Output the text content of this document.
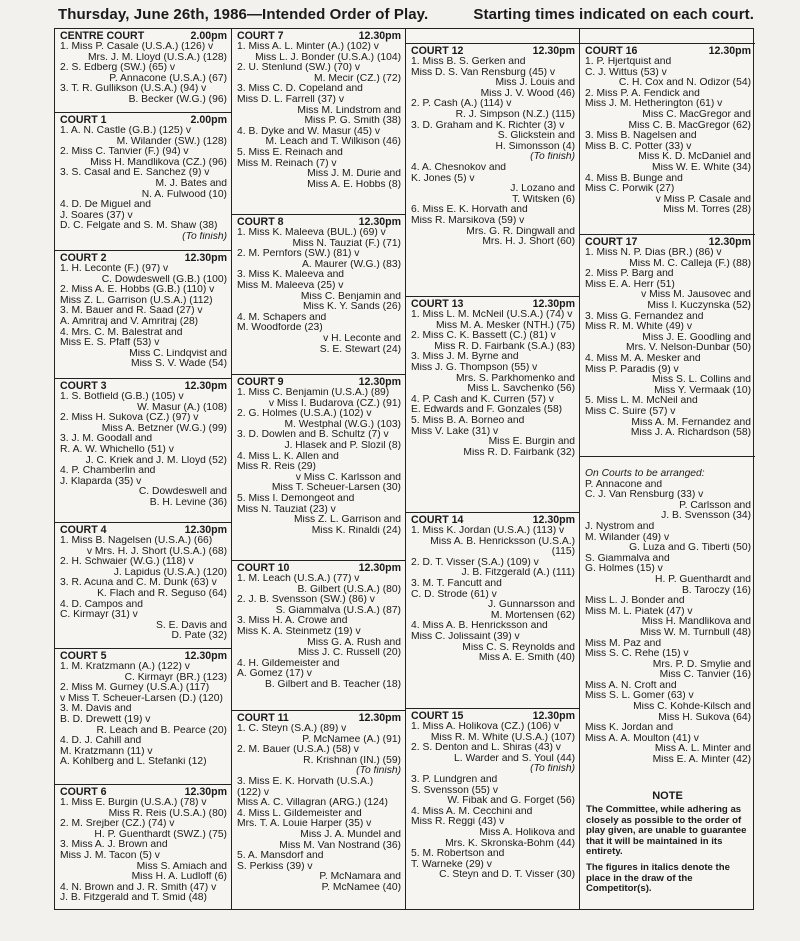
Thursday, June 26th, 1986—Intended Order of Play.	Starting times indicated on each court.
CENTRE COURT	2.00pm
1. Miss P. Casale (U.S.A.) (126) v
Mrs. J. M. Lloyd (U.S.A.) (128)
2. S. Edberg (SW.) (65) v
P. Annacone (U.S.A.) (67)
3. T. R. Gullikson (U.S.A.) (94) v
B. Becker (W.G.) (96)
COURT 1	2.00pm
1. A. N. Castle (G.B.) (125) v
M. Wilander (SW.) (128)
2. Miss C. Tanvier (F.) (94) v
Miss H. Mandlikova (CZ.) (96)
3. S. Casal and E. Sanchez (9) v
M. J. Bates and
N. A. Fulwood (10)
4. D. De Miguel and
J. Soares (37) v
D. C. Felgate and S. M. Shaw (38)
(To finish)
COURT 2	12.30pm
1. H. Leconte (F.) (97) v
C. Dowdeswell (G.B.) (100)
2. Miss A. E. Hobbs (G.B.) (110) v
Miss Z. L. Garrison (U.S.A.) (112)
3. M. Bauer and R. Saad (27) v
A. Amritraj and V. Amritraj (28)
4. Mrs. C. M. Balestrat and
Miss E. S. Pfaff (53) v
Miss C. Lindqvist and
Miss S. V. Wade (54)
COURT 3	12.30pm
1. S. Botfield (G.B.) (105) v
W. Masur (A.) (108)
2. Miss H. Sukova (CZ.) (97) v
Miss A. Betzner (W.G.) (99)
3. J. M. Goodall and
R. A. W. Whichello (51) v
J. C. Kriek and J. M. Lloyd (52)
4. P. Chamberlin and
J. Klaparda (35) v
C. Dowdeswell and
B. H. Levine (36)
COURT 4	12.30pm
1. Miss B. Nagelsen (U.S.A.) (66)
v Mrs. H. J. Short (U.S.A.) (68)
2. H. Schwaier (W.G.) (118) v
J. Lapidus (U.S.A.) (120)
3. R. Acuna and C. M. Dunk (63) v
K. Flach and R. Seguso (64)
4. D. Campos and
C. Kirmayr (31) v
S. E. Davis and
D. Pate (32)
COURT 5	12.30pm
1. M. Kratzmann (A.) (122) v
C. Kirmayr (BR.) (123)
2. Miss M. Gurney (U.S.A.) (117)
v Miss T. Scheuer-Larsen (D.) (120)
3. M. Davis and
B. D. Drewett (19) v
R. Leach and B. Pearce (20)
4. D. J. Cahill and
M. Kratzmann (11) v
A. Kohlberg and L. Stefanki (12)
COURT 6	12.30pm
1. Miss E. Burgin (U.S.A.) (78) v
Miss R. Reis (U.S.A.) (80)
2. M. Srejber (CZ.) (74) v
H. P. Guenthardt (SWZ.) (75)
3. Miss A. J. Brown and
Miss J. M. Tacon (5) v
Miss S. Amiach and
Miss H. A. Ludloff (6)
4. N. Brown and J. R. Smith (47) v
J. B. Fitzgerald and T. Smid (48)
COURT 7	12.30pm
1. Miss A. L. Minter (A.) (102) v
Miss L. J. Bonder (U.S.A.) (104)
2. U. Stenlund (SW.) (70) v
M. Mecir (CZ.) (72)
3. Miss C. D. Copeland and
Miss D. L. Farrell (37) v
Miss M. Lindstrom and
Miss P. G. Smith (38)
4. B. Dyke and W. Masur (45) v
M. Leach and T. Wilkison (46)
5. Miss E. Reinach and
Miss M. Reinach (7) v
Miss J. M. Durie and
Miss A. E. Hobbs (8)
COURT 8	12.30pm
1. Miss K. Maleeva (BUL.) (69) v
Miss N. Tauziat (F.) (71)
2. M. Pernfors (SW.) (81) v
A. Maurer (W.G.) (83)
3. Miss K. Maleeva and
Miss M. Maleeva (25) v
Miss C. Benjamin and
Miss K. Y. Sands (26)
4. M. Schapers and
M. Woodforde (23)
v H. Leconte and
S. E. Stewart (24)
COURT 9	12.30pm
1. Miss C. Benjamin (U.S.A.) (89)
v Miss I. Budarova (CZ.) (91)
2. G. Holmes (U.S.A.) (102) v
M. Westphal (W.G.) (103)
3. D. Dowlen and B. Schultz (7) v
J. Hlasek and P. Slozil (8)
4. Miss L. K. Allen and
Miss R. Reis (29)
v Miss C. Karlsson and
Miss T. Scheuer-Larsen (30)
5. Miss I. Demongeot and
Miss N. Tauziat (23) v
Miss Z. L. Garrison and
Miss K. Rinaldi (24)
COURT 10	12.30pm
1. M. Leach (U.S.A.) (77) v
B. Gilbert (U.S.A.) (80)
2. J. B. Svensson (SW.) (86) v
S. Giammalva (U.S.A.) (87)
3. Miss H. A. Crowe and
Miss K. A. Steinmetz (19) v
Miss G. A. Rush and
Miss J. C. Russell (20)
4. H. Gildemeister and
A. Gomez (17) v
B. Gilbert and B. Teacher (18)
COURT 11	12.30pm
1. C. Steyn (S.A.) (89) v
P. McNamee (A.) (91)
2. M. Bauer (U.S.A.) (58) v
R. Krishnan (IN.) (59)
(To finish)
3. Miss E. K. Horvath (U.S.A.)
(122) v
Miss A. C. Villagran (ARG.) (124)
4. Miss L. Gildemeister and
Mrs. T. A. Louie Harper (35) v
Miss J. A. Mundel and
Miss M. Van Nostrand (36)
5. A. Mansdorf and
S. Perkiss (39) v
P. McNamara and
P. McNamee (40)
COURT 12	12.30pm
1. Miss B. S. Gerken and
Miss D. S. Van Rensburg (45) v
Miss J. Louis and
Miss J. V. Wood (46)
2. P. Cash (A.) (114) v
R. J. Simpson (N.Z.) (115)
3. D. Graham and K. Richter (3) v
S. Glickstein and
H. Simonsson (4)
(To finish)
4. A. Chesnokov and
K. Jones (5) v
J. Lozano and
T. Witsken (6)
6. Miss E. K. Horvath and
Miss R. Marsikova (59) v
Mrs. G. R. Dingwall and
Mrs. H. J. Short (60)
COURT 13	12.30pm
1. Miss L. M. McNeil (U.S.A.) (74) v
Miss M. A. Mesker (NTH.) (75)
2. Miss C. K. Bassett (C.) (81) v
Miss R. D. Fairbank (S.A.) (83)
3. Miss J. M. Byrne and
Miss J. G. Thompson (55) v
Mrs. S. Parkhomenko and
Miss L. Savchenko (56)
4. P. Cash and K. Curren (57) v
E. Edwards and F. Gonzales (58)
5. Miss B. A. Borneo and
Miss V. Lake (31) v
Miss E. Burgin and
Miss R. D. Fairbank (32)
COURT 14	12.30pm
1. Miss K. Jordan (U.S.A.) (113) v
Miss A. B. Henricksson (U.S.A.)
(115)
2. D. T. Visser (S.A.) (109) v
J. B. Fitzgerald (A.) (111)
3. M. T. Fancutt and
C. D. Strode (61) v
J. Gunnarsson and
M. Mortensen (62)
4. Miss A. B. Henricksson and
Miss C. Jolissaint (39) v
Miss C. S. Reynolds and
Miss A. E. Smith (40)
COURT 15	12.30pm
1. Miss A. Holikova (CZ.) (106) v
Miss R. M. White (U.S.A.) (107)
2. S. Denton and L. Shiras (43) v
L. Warder and S. Youl (44)
(To finish)
3. P. Lundgren and
S. Svensson (55) v
W. Fibak and G. Forget (56)
4. Miss A. M. Cecchini and
Miss R. Reggi (43) v
Miss A. Holikova and
Mrs. K. Skronska-Bohm (44)
5. M. Robertson and
T. Warneke (29) v
C. Steyn and D. T. Visser (30)
COURT 16	12.30pm
1. P. Hjertquist and
C. J. Wittus (53) v
C. H. Cox and N. Odizor (54)
2. Miss P. A. Fendick and
Miss J. M. Hetherington (61) v
Miss C. MacGregor and
Miss C. B. MacGregor (62)
3. Miss B. Nagelsen and
Miss B. C. Potter (33) v
Miss K. D. McDaniel and
Miss W. E. White (34)
4. Miss B. Bunge and
Miss C. Porwik (27)
v Miss P. Casale and
Miss M. Torres (28)
COURT 17	12.30pm
1. Miss N. P. Dias (BR.) (86) v
Miss M. C. Calleja (F.) (88)
2. Miss P. Barg and
Miss E. A. Herr (51)
v Miss M. Jausovec and
Miss I. Kuczynska (52)
3. Miss G. Fernandez and
Miss R. M. White (49) v
Miss J. E. Goodling and
Mrs. V. Nelson-Dunbar (50)
4. Miss M. A. Mesker and
Miss P. Paradis (9) v
Miss S. L. Collins and
Miss Y. Vermaak (10)
5. Miss L. M. McNeil and
Miss C. Suire (57) v
Miss A. M. Fernandez and
Miss J. A. Richardson (58)
On Courts to be arranged:
P. Annacone and
C. J. Van Rensburg (33) v
P. Carlsson and
J. B. Svensson (34)
J. Nystrom and
M. Wilander (49) v
G. Luza and G. Tiberti (50)
S. Giammalva and
G. Holmes (15) v
H. P. Guenthardt and
B. Taroczy (16)
Miss L. J. Bonder and
Miss M. L. Piatek (47) v
Miss H. Mandlikova and
Miss W. M. Turnbull (48)
Miss M. Paz and
Miss S. C. Rehe (15) v
Mrs. P. D. Smylie and
Miss C. Tanvier (16)
Miss A. N. Croft and
Miss S. L. Gomer (63) v
Miss C. Kohde-Kilsch and
Miss H. Sukova (64)
Miss K. Jordan and
Miss A. A. Moulton (41) v
Miss A. L. Minter and
Miss E. A. Minter (42)
NOTE

The Committee, while adhering as closely as possible to the order of play given, are unable to guarantee that it will be maintained in its entirety.

The figures in italics denote the place in the draw of the Competitor(s).
